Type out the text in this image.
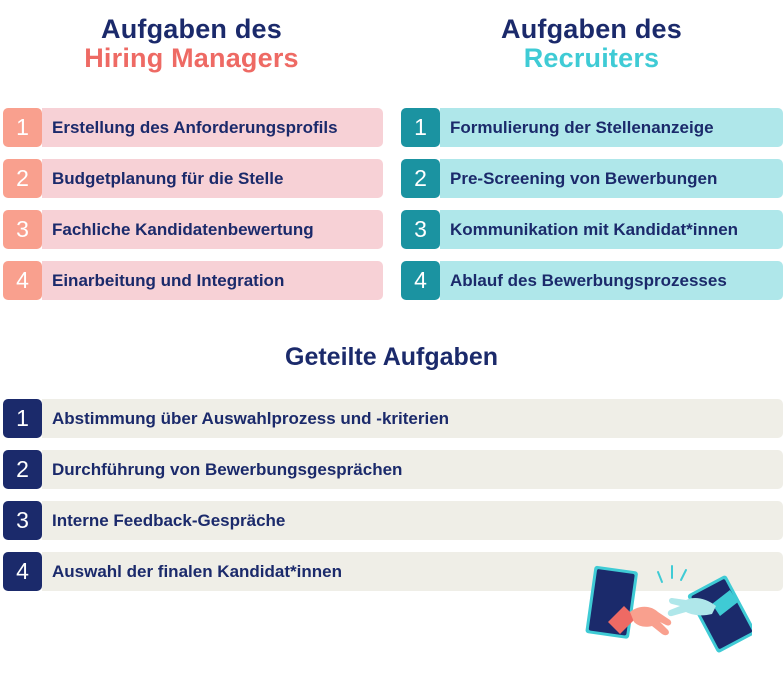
Aufgaben des
Hiring Managers
Aufgaben des
Recruiters
1	Erstellung des Anforderungsprofils
2	Budgetplanung für die Stelle
3	Fachliche Kandidatenbewertung
4	Einarbeitung und Integration
1	Formulierung der Stellenanzeige
2	Pre-Screening von Bewerbungen
3	Kommunikation mit Kandidat*innen
4	Ablauf des Bewerbungsprozesses
Geteilte Aufgaben
1	Abstimmung über Auswahlprozess und -kriterien
2	Durchführung von Bewerbungsgesprächen
3	Interne Feedback-Gespräche
4	Auswahl der finalen Kandidat*innen
